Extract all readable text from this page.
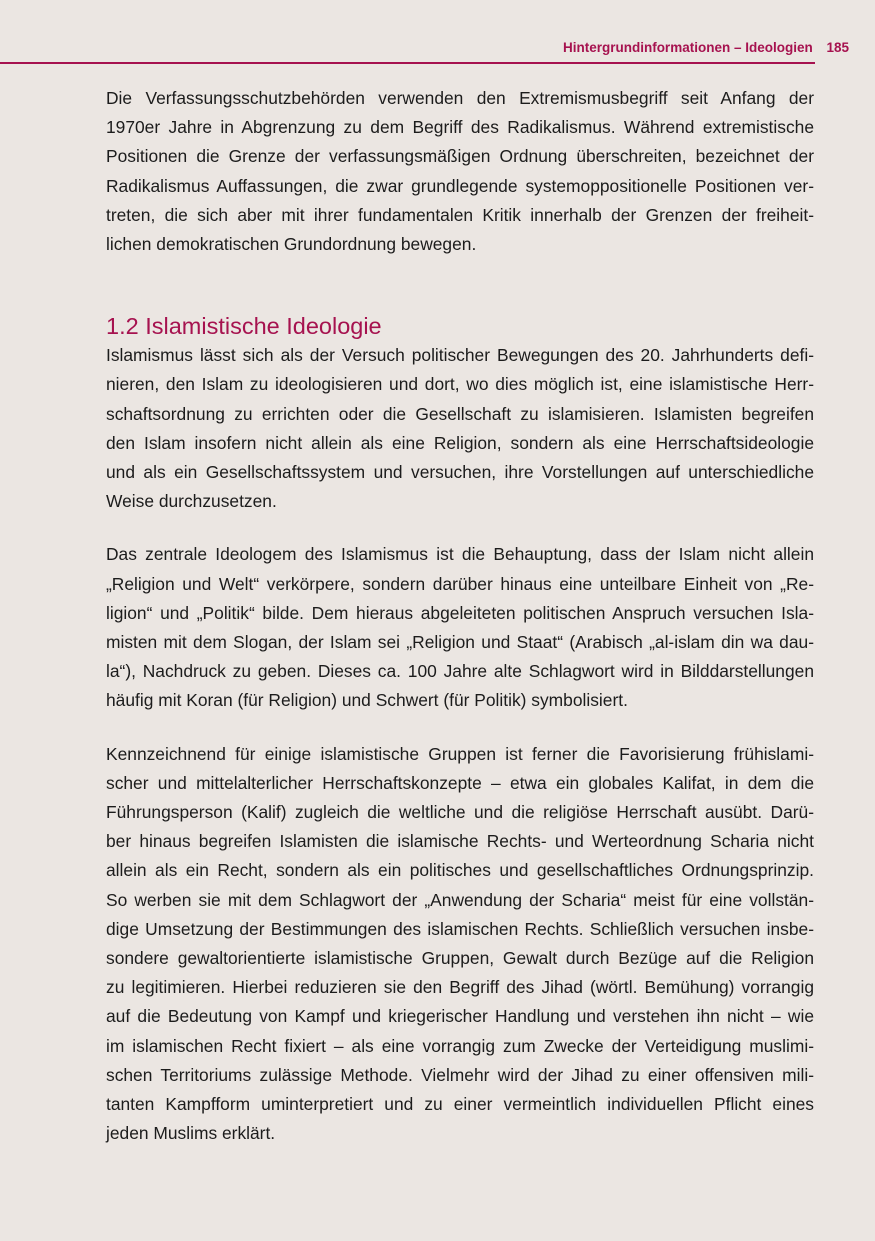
Hintergrundinformationen – Ideologien 185

Die Verfassungsschutzbehörden verwenden den Extremismusbegriff seit Anfang der
1970er Jahre in Abgrenzung zu dem Begriff des Radikalismus. Während extremistische
Positionen die Grenze der verfassungsmäßigen Ordnung überschreiten, bezeichnet der
Radikalismus Auffassungen, die zwar grundlegende systemoppositionelle Positionen ver-
treten, die sich aber mit ihrer fundamentalen Kritik innerhalb der Grenzen der freiheit-
lichen demokratischen Grundordnung bewegen.

1.2 Islamistische Ideologie

Islamismus lässt sich als der Versuch politischer Bewegungen des 20. Jahrhunderts defi-
nieren, den Islam zu ideologisieren und dort, wo dies möglich ist, eine islamistische Herr-
schaftsordnung zu errichten oder die Gesellschaft zu islamisieren. Islamisten begreifen
den Islam insofern nicht allein als eine Religion, sondern als eine Herrschaftsideologie
und als ein Gesellschaftssystem und versuchen, ihre Vorstellungen auf unterschiedliche
Weise durchzusetzen.

Das zentrale Ideologem des Islamismus ist die Behauptung, dass der Islam nicht allein
„Religion und Welt“ verkörpere, sondern darüber hinaus eine unteilbare Einheit von „Re-
ligion“ und „Politik“ bilde. Dem hieraus abgeleiteten politischen Anspruch versuchen Isla-
misten mit dem Slogan, der Islam sei „Religion und Staat“ (Arabisch „al-islam din wa dau-
la“), Nachdruck zu geben. Dieses ca. 100 Jahre alte Schlagwort wird in Bilddarstellungen
häufig mit Koran (für Religion) und Schwert (für Politik) symbolisiert.

Kennzeichnend für einige islamistische Gruppen ist ferner die Favorisierung frühislami-
scher und mittelalterlicher Herrschaftskonzepte – etwa ein globales Kalifat, in dem die
Führungsperson (Kalif) zugleich die weltliche und die religiöse Herrschaft ausübt. Darü-
ber hinaus begreifen Islamisten die islamische Rechts- und Werteordnung Scharia nicht
allein als ein Recht, sondern als ein politisches und gesellschaftliches Ordnungsprinzip.
So werben sie mit dem Schlagwort der „Anwendung der Scharia“ meist für eine vollstän-
dige Umsetzung der Bestimmungen des islamischen Rechts. Schließlich versuchen insbe-
sondere gewaltorientierte islamistische Gruppen, Gewalt durch Bezüge auf die Religion
zu legitimieren. Hierbei reduzieren sie den Begriff des Jihad (wörtl. Bemühung) vorrangig
auf die Bedeutung von Kampf und kriegerischer Handlung und verstehen ihn nicht – wie
im islamischen Recht fixiert – als eine vorrangig zum Zwecke der Verteidigung muslimi-
schen Territoriums zulässige Methode. Vielmehr wird der Jihad zu einer offensiven mili-
tanten Kampfform uminterpretiert und zu einer vermeintlich individuellen Pflicht eines
jeden Muslims erklärt.
